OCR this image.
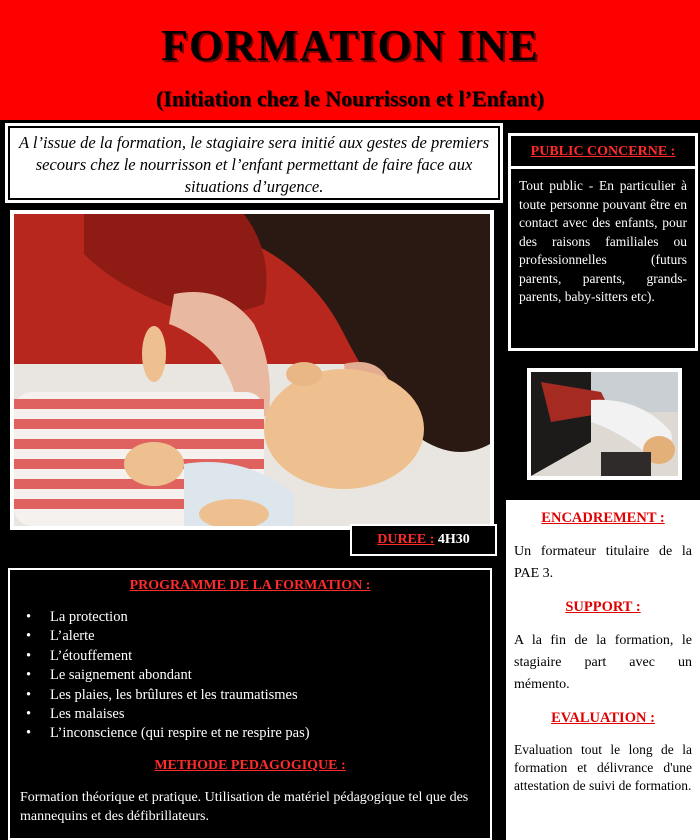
FORMATION INE
(Initiation chez le Nourrisson et l’Enfant)
A l’issue de la formation, le stagiaire sera initié aux gestes de premiers secours chez le nourrisson et l’enfant permettant de faire face aux situations d’urgence.
PUBLIC CONCERNE :

Tout public - En particulier à toute personne pouvant être en contact avec des enfants, pour des raisons familiales ou professionnelles (futurs parents, parents, grands-parents, baby-sitters etc).

DUREE : 4H30
ENCADREMENT :

Un formateur titulaire de la PAE 3.

SUPPORT :

A la fin de la formation, le stagiaire part avec un mémento.

EVALUATION :

Evaluation tout le long de la formation et délivrance d'une attestation de suivi de formation.

PROGRAMME DE LA FORMATION :
• La protection
• L’alerte
• L’étouffement
• Le saignement abondant
• Les plaies, les brûlures et les traumatismes
• Les malaises
• L’inconscience (qui respire et ne respire pas)
METHODE PEDAGOGIQUE :

Formation théorique et pratique. Utilisation de matériel pédagogique tel que des mannequins et des défibrillateurs.
